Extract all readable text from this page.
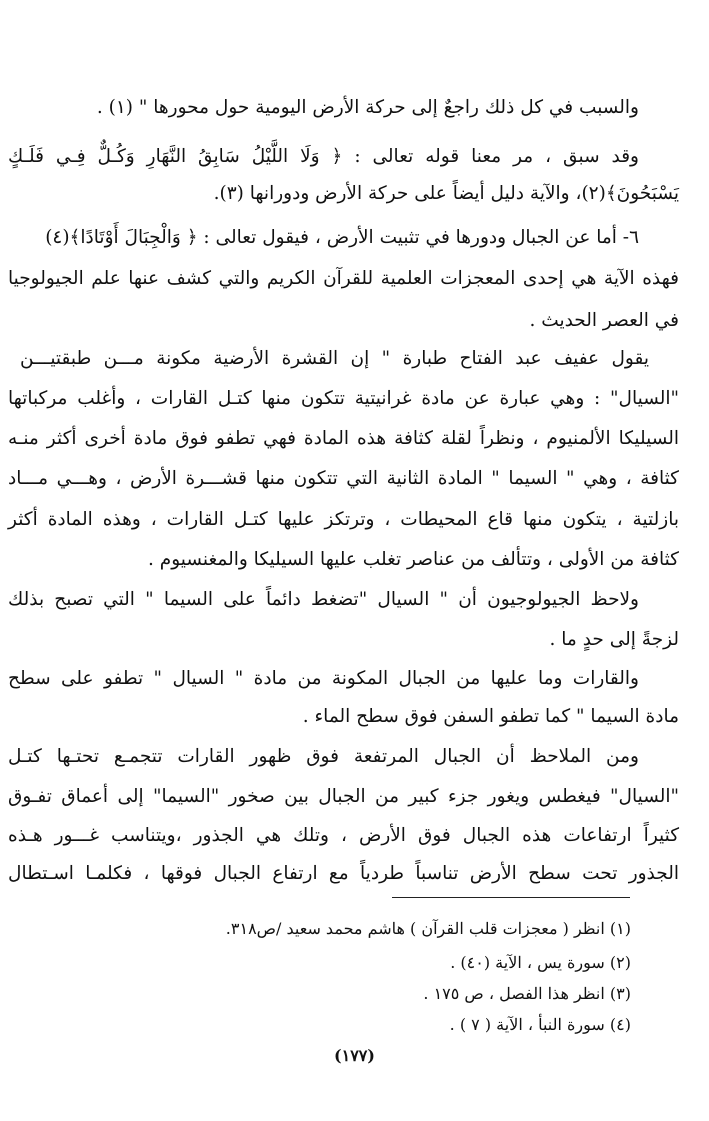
والسبب في كل ذلك راجعٌ إلى حركة الأرض اليومية حول محورها " (١) .
وقد سبق ، مر معنا قوله تعالى : ﴿ وَلَا اللَّيْلُ سَابِقُ النَّهَارِ وَكُـلٌّ فِـي فَلَـكٍ
يَسْبَحُونَ﴾(٢)، والآية دليل أيضاً على حركة الأرض ودورانها (٣).
٦- أما عن الجبال ودورها في تثبيت الأرض ، فيقول تعالى : ﴿ وَالْجِبَالَ أَوْتَادًا﴾(٤)
فهذه الآية هي إحدى المعجزات العلمية للقرآن الكريم والتي كشف عنها علم الجيولوجيا
في العصر الحديث .
يقول عفيف عبد الفتاح طبارة " إن القشرة الأرضية مكونة مـــن طبقتيـــن
"السيال" : وهي عبارة عن مادة غرانيتية تتكون منها كتـل القارات ، وأغلب مركباتها
السيليكا الألمنيوم ، ونظراً لقلة كثافة هذه المادة فهي تطفو فوق مادة أخرى أكثر منـه
كثافة ، وهي " السيما " المادة الثانية التي تتكون منها قشـــرة الأرض ، وهـــي مـــاد
بازلتية ، يتكون منها قاع المحيطات ، وترتكز عليها كتـل القارات ، وهذه المادة أكثر
كثافة من الأولى ، وتتألف من عناصر تغلب عليها السيليكا والمغنسيوم .
ولاحظ الجيولوجيون أن " السيال "تضغط دائماً على السيما " التي تصبح بذلك
لزجةً إلى حدٍ ما .
والقارات وما عليها من الجبال المكونة من مادة " السيال " تطفو على سطح
مادة السيما " كما تطفو السفن فوق سطح الماء .
ومن الملاحظ أن الجبال المرتفعة فوق ظهور القارات تتجمـع تحتـها كتـل
"السيال" فيغطس ويغور جزء كبير من الجبال بين صخور "السيما" إلى أعماق تفـوق
كثيراً ارتفاعات هذه الجبال فوق الأرض ، وتلك هي الجذور ،ويتناسب غـــور هـذه
الجذور تحت سطح الأرض تناسباً طردياً مع ارتفاع الجبال فوقها ، فكلمـا اسـتطال
(١) انظر ( معجزات قلب القرآن ) هاشم محمد سعيد /ص٣١٨.
(٢) سورة يس ، الآية (٤٠) .
(٣) انظر هذا الفصل ، ص ١٧٥ .
(٤) سورة النبأ ، الآية ( ٧ ) .
(١٧٧)
